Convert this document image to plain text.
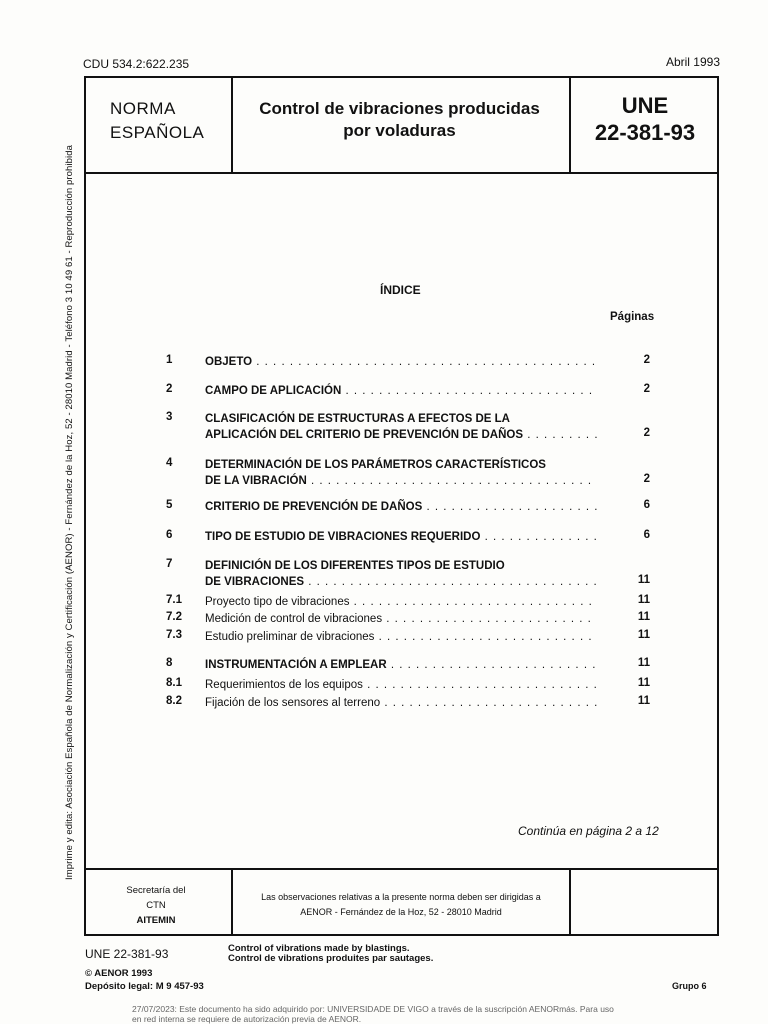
CDU 534.2:622.235	Abril 1993
NORMA
ESPAÑOLA
Control de vibraciones producidas
por voladuras
UNE
22-381-93
Imprime y edita: Asociación Española de Normalización y Certificación (AENOR) - Fernández de la Hoz, 52 - 28010 Madrid - Teléfono 3 10 49 61 - Reproducción prohibida	ÍNDICE
Páginas
1	OBJETO . . .	2
2	CAMPO DE APLICACIÓN . . .	2
3	CLASIFICACIÓN DE ESTRUCTURAS A EFECTOS DE LA
APLICACIÓN DEL CRITERIO DE PREVENCIÓN DE DAÑOS . . .	2
4	DETERMINACIÓN DE LOS PARÁMETROS CARACTERÍSTICOS
DE LA VIBRACIÓN . . .	2
5	CRITERIO DE PREVENCIÓN DE DAÑOS . . .	6
6	TIPO DE ESTUDIO DE VIBRACIONES REQUERIDO . . .	6
7	DEFINICIÓN DE LOS DIFERENTES TIPOS DE ESTUDIO
DE VIBRACIONES . . .	11
7.1 Proyecto tipo de vibraciones . . .	11
7.2 Medición de control de vibraciones . . .	11
7.3 Estudio preliminar de vibraciones . . .	11
8	INSTRUMENTACIÓN A EMPLEAR . . .	11
8.1 Requerimientos de los equipos . . .	11
8.2 Fijación de los sensores al terreno . . .	11
Continúa en página 2 a 12
Secretaría del
CTN
AITEMIN
Las observaciones relativas a la presente norma deben ser dirigidas a
AENOR - Fernández de la Hoz, 52 - 28010 Madrid
UNE 22-381-93	Control of vibrations made by blastings.
Control de vibrations produites par sautages.
© AENOR 1993
Depósito legal: M 9 457-93	Grupo 6
27/07/2023: Este documento ha sido adquirido por: UNIVERSIDADE DE VIGO a través de la suscripción AENORmás. Para uso
en red interna se requiere de autorización previa de AENOR.
